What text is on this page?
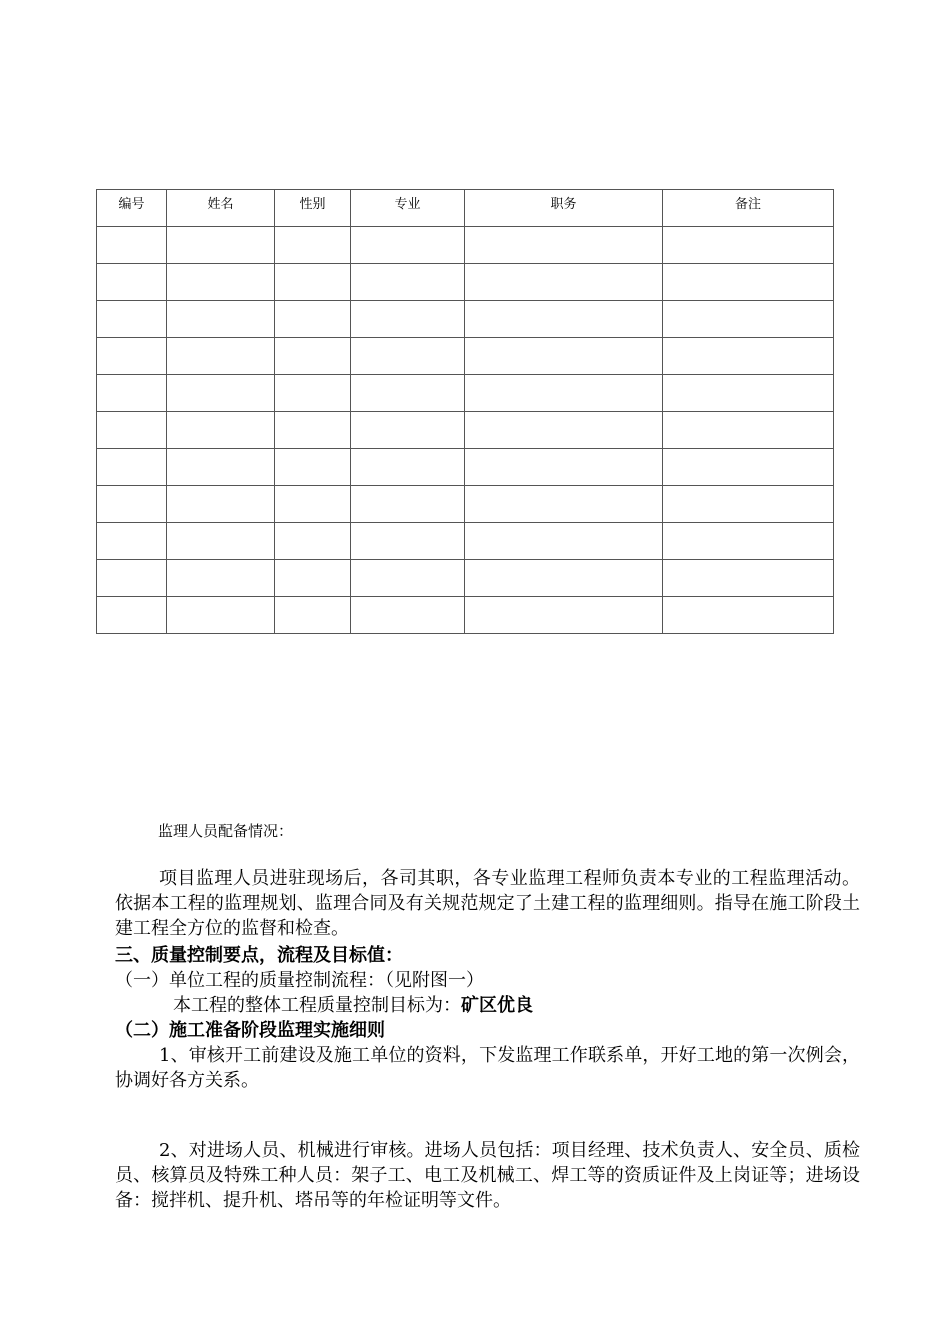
编号	姓名	性别	专业	职务	备注

监理人员配备情况：

项目监理人员进驻现场后，各司其职，各专业监理工程师负责本专业的工程监理活动。依据本工程的监理规划、监理合同及有关规范规定了土建工程的监理细则。指导在施工阶段土建工程全方位的监督和检查。

三、质量控制要点，流程及目标值：

（一）单位工程的质量控制流程：（见附图一）

本工程的整体工程质量控制目标为：矿区优良

（二）施工准备阶段监理实施细则

1、审核开工前建设及施工单位的资料，下发监理工作联系单，开好工地的第一次例会，协调好各方关系。

2、对进场人员、机械进行审核。进场人员包括：项目经理、技术负责人、安全员、质检员、核算员及特殊工种人员：架子工、电工及机械工、焊工等的资质证件及上岗证等；进场设备：搅拌机、提升机、塔吊等的年检证明等文件。
